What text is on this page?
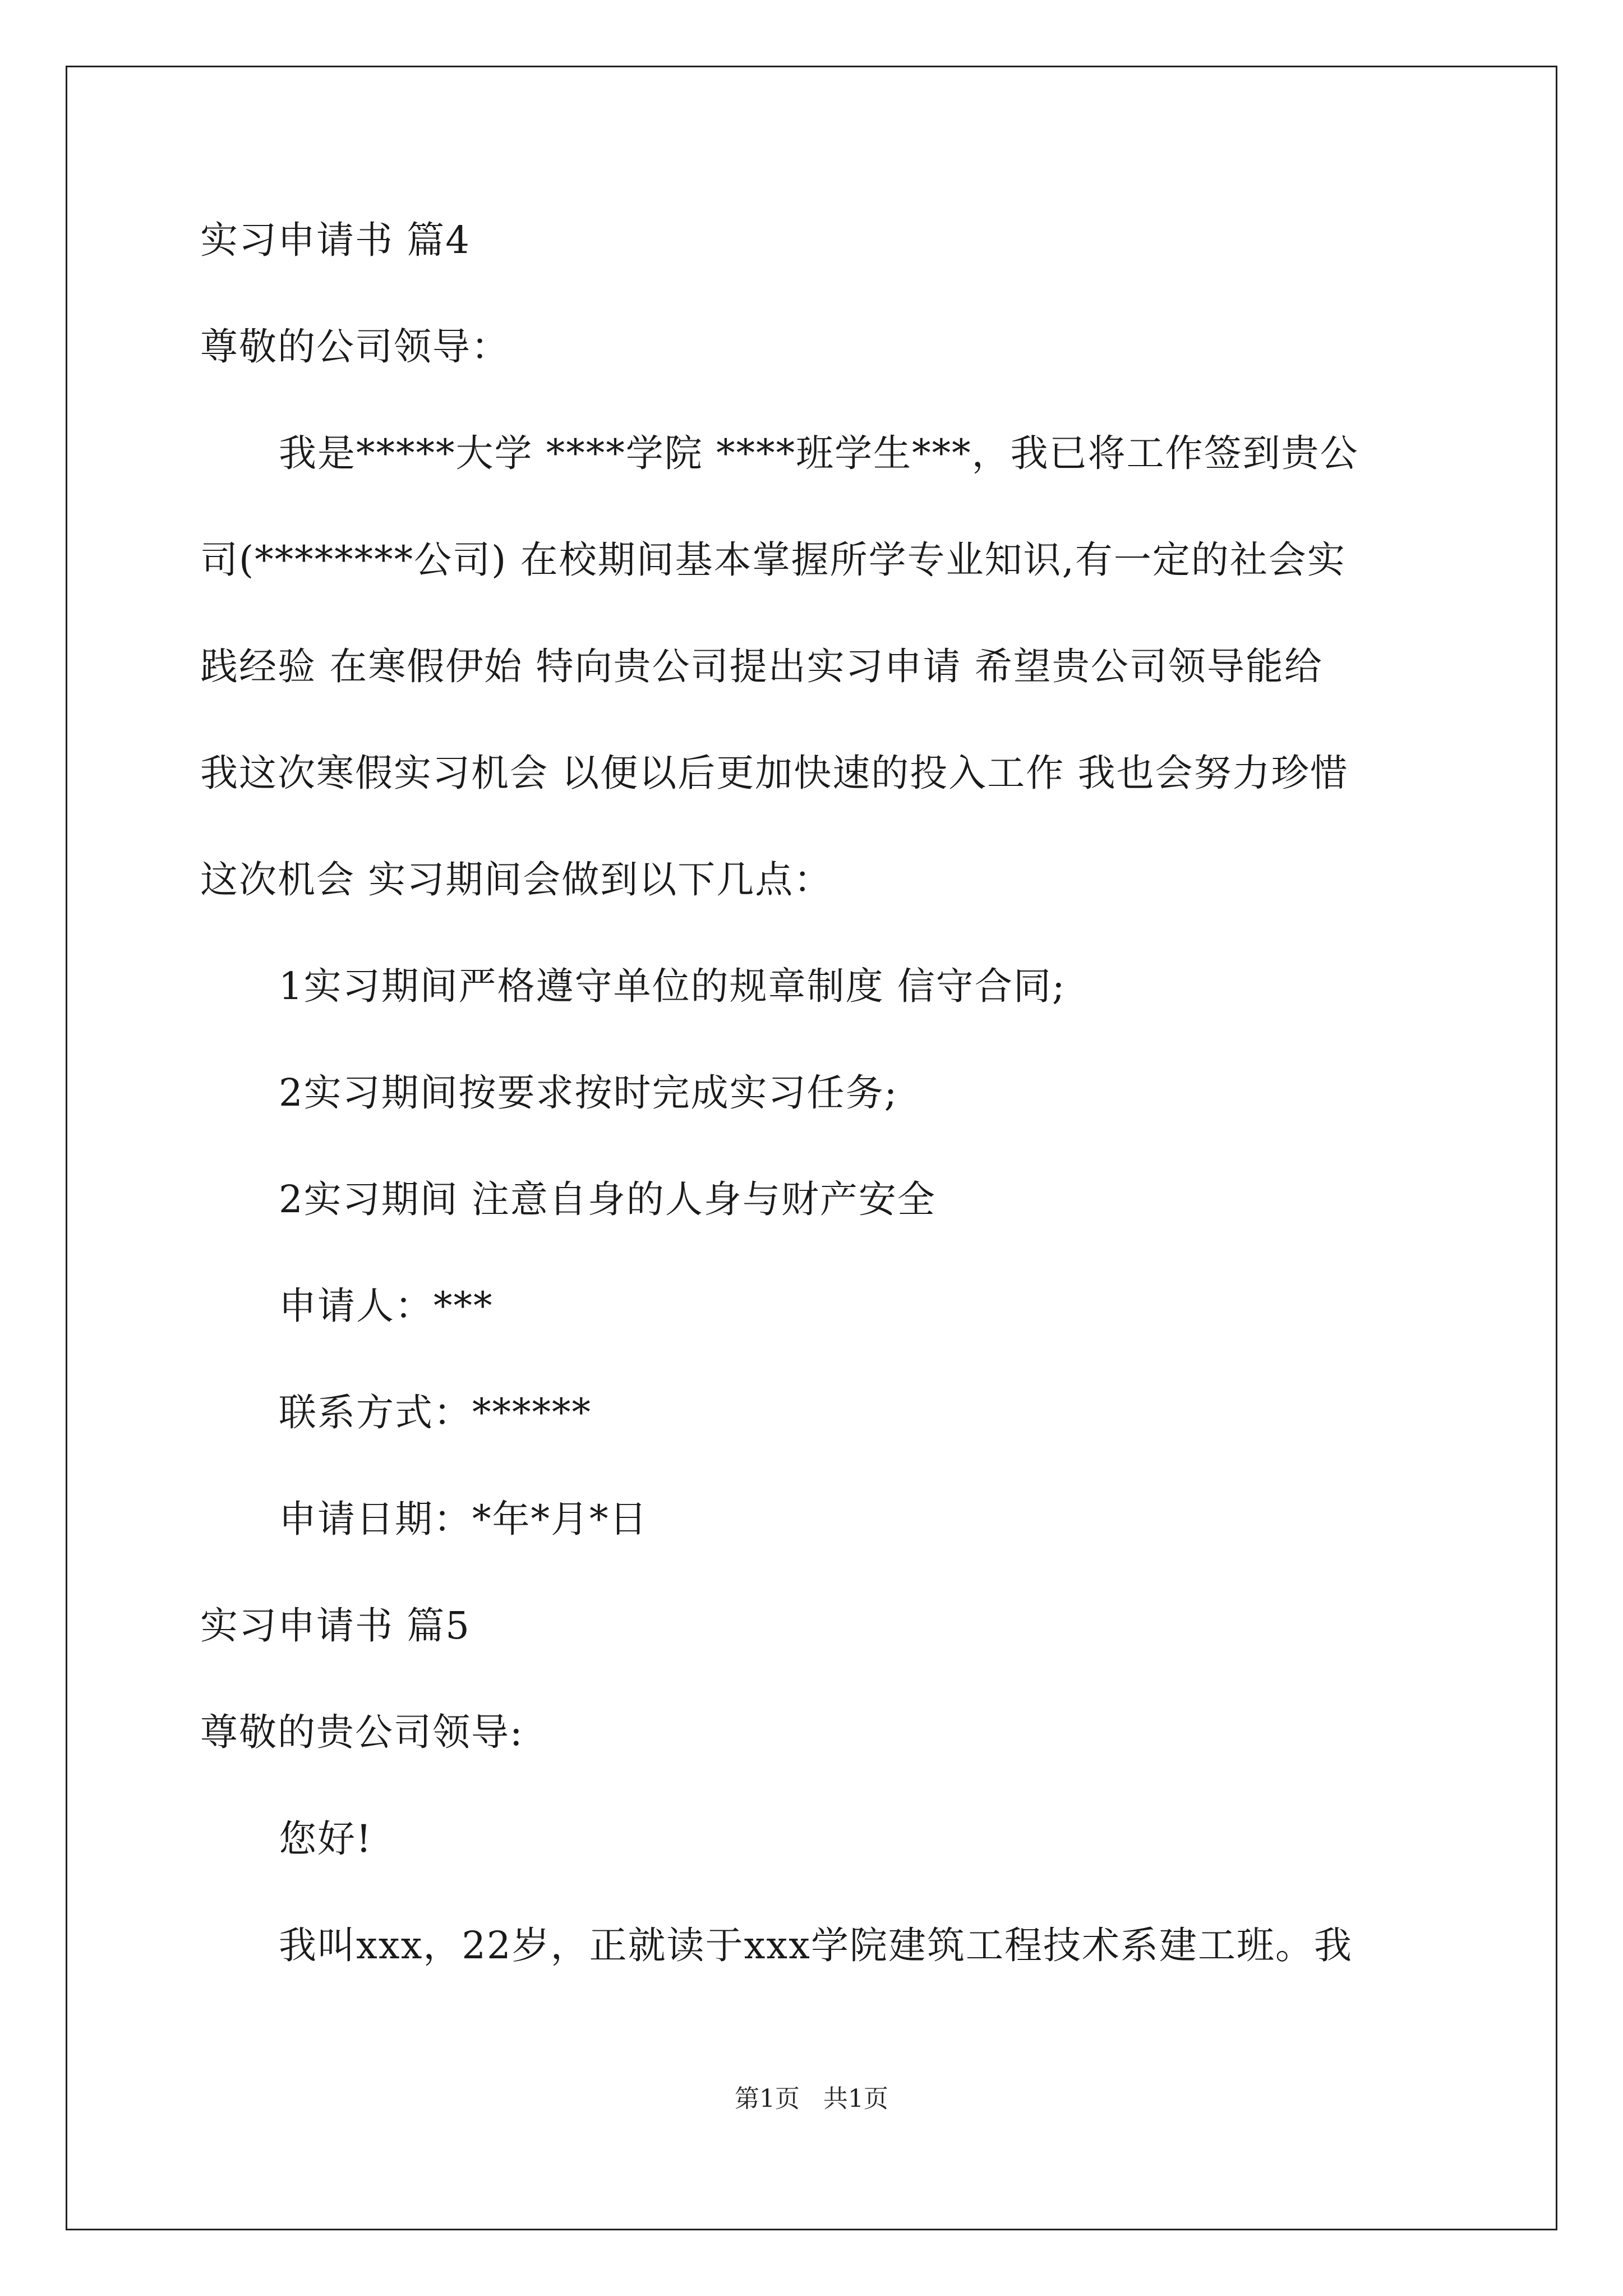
实习申请书 篇4
尊敬的公司领导：
我是*****大学 ****学院 ****班学生***，我已将工作签到贵公
司(********公司) 在校期间基本掌握所学专业知识,有一定的社会实
践经验 在寒假伊始 特向贵公司提出实习申请 希望贵公司领导能给
我这次寒假实习机会 以便以后更加快速的投入工作 我也会努力珍惜
这次机会 实习期间会做到以下几点：
1实习期间严格遵守单位的规章制度 信守合同;
2实习期间按要求按时完成实习任务;
2实习期间 注意自身的人身与财产安全
申请人：***
联系方式：******
申请日期：*年*月*日
实习申请书 篇5
尊敬的贵公司领导:
您好!
我叫xxx，22岁，正就读于xxx学院建筑工程技术系建工班。我
第1页   共1页
